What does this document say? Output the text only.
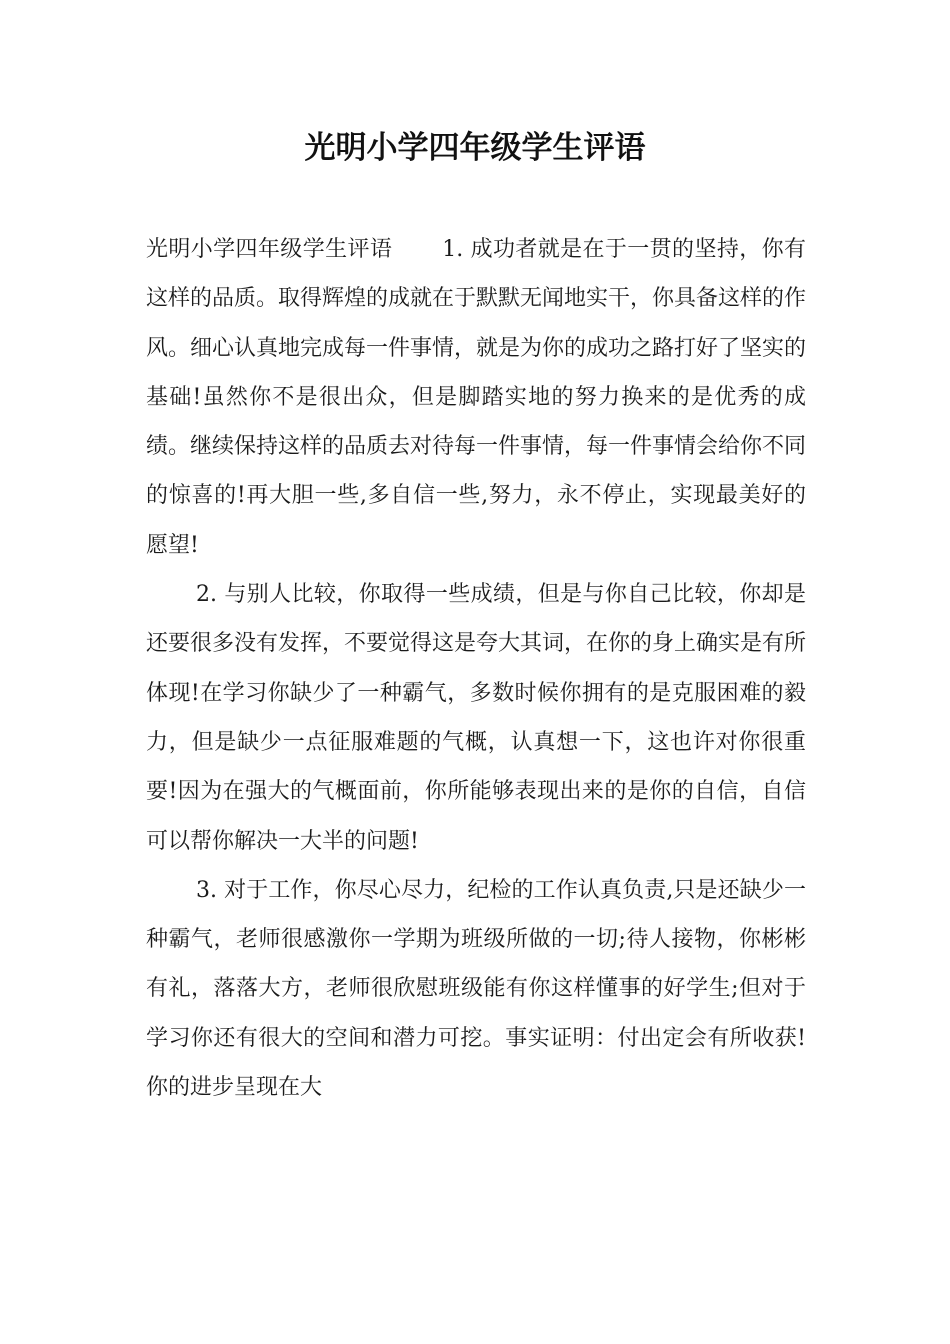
光明小学四年级学生评语

光明小学四年级学生评语 1. 成功者就是在于一贯的坚持，你有这样的品质。取得辉煌的成就在于默默无闻地实干，你具备这样的作风。细心认真地完成每一件事情，就是为你的成功之路打好了坚实的基础!虽然你不是很出众，但是脚踏实地的努力换来的是优秀的成绩。继续保持这样的品质去对待每一件事情，每一件事情会给你不同的惊喜的!再大胆一些,多自信一些,努力，永不停止，实现最美好的愿望!

2. 与别人比较，你取得一些成绩，但是与你自己比较，你却是还要很多没有发挥，不要觉得这是夸大其词，在你的身上确实是有所体现!在学习你缺少了一种霸气，多数时候你拥有的是克服困难的毅力，但是缺少一点征服难题的气概，认真想一下，这也许对你很重要!因为在强大的气概面前，你所能够表现出来的是你的自信，自信可以帮你解决一大半的问题!

3. 对于工作，你尽心尽力，纪检的工作认真负责,只是还缺少一种霸气，老师很感激你一学期为班级所做的一切;待人接物，你彬彬有礼，落落大方，老师很欣慰班级能有你这样懂事的好学生;但对于学习你还有很大的空间和潜力可挖。事实证明：付出定会有所收获!你的进步呈现在大
